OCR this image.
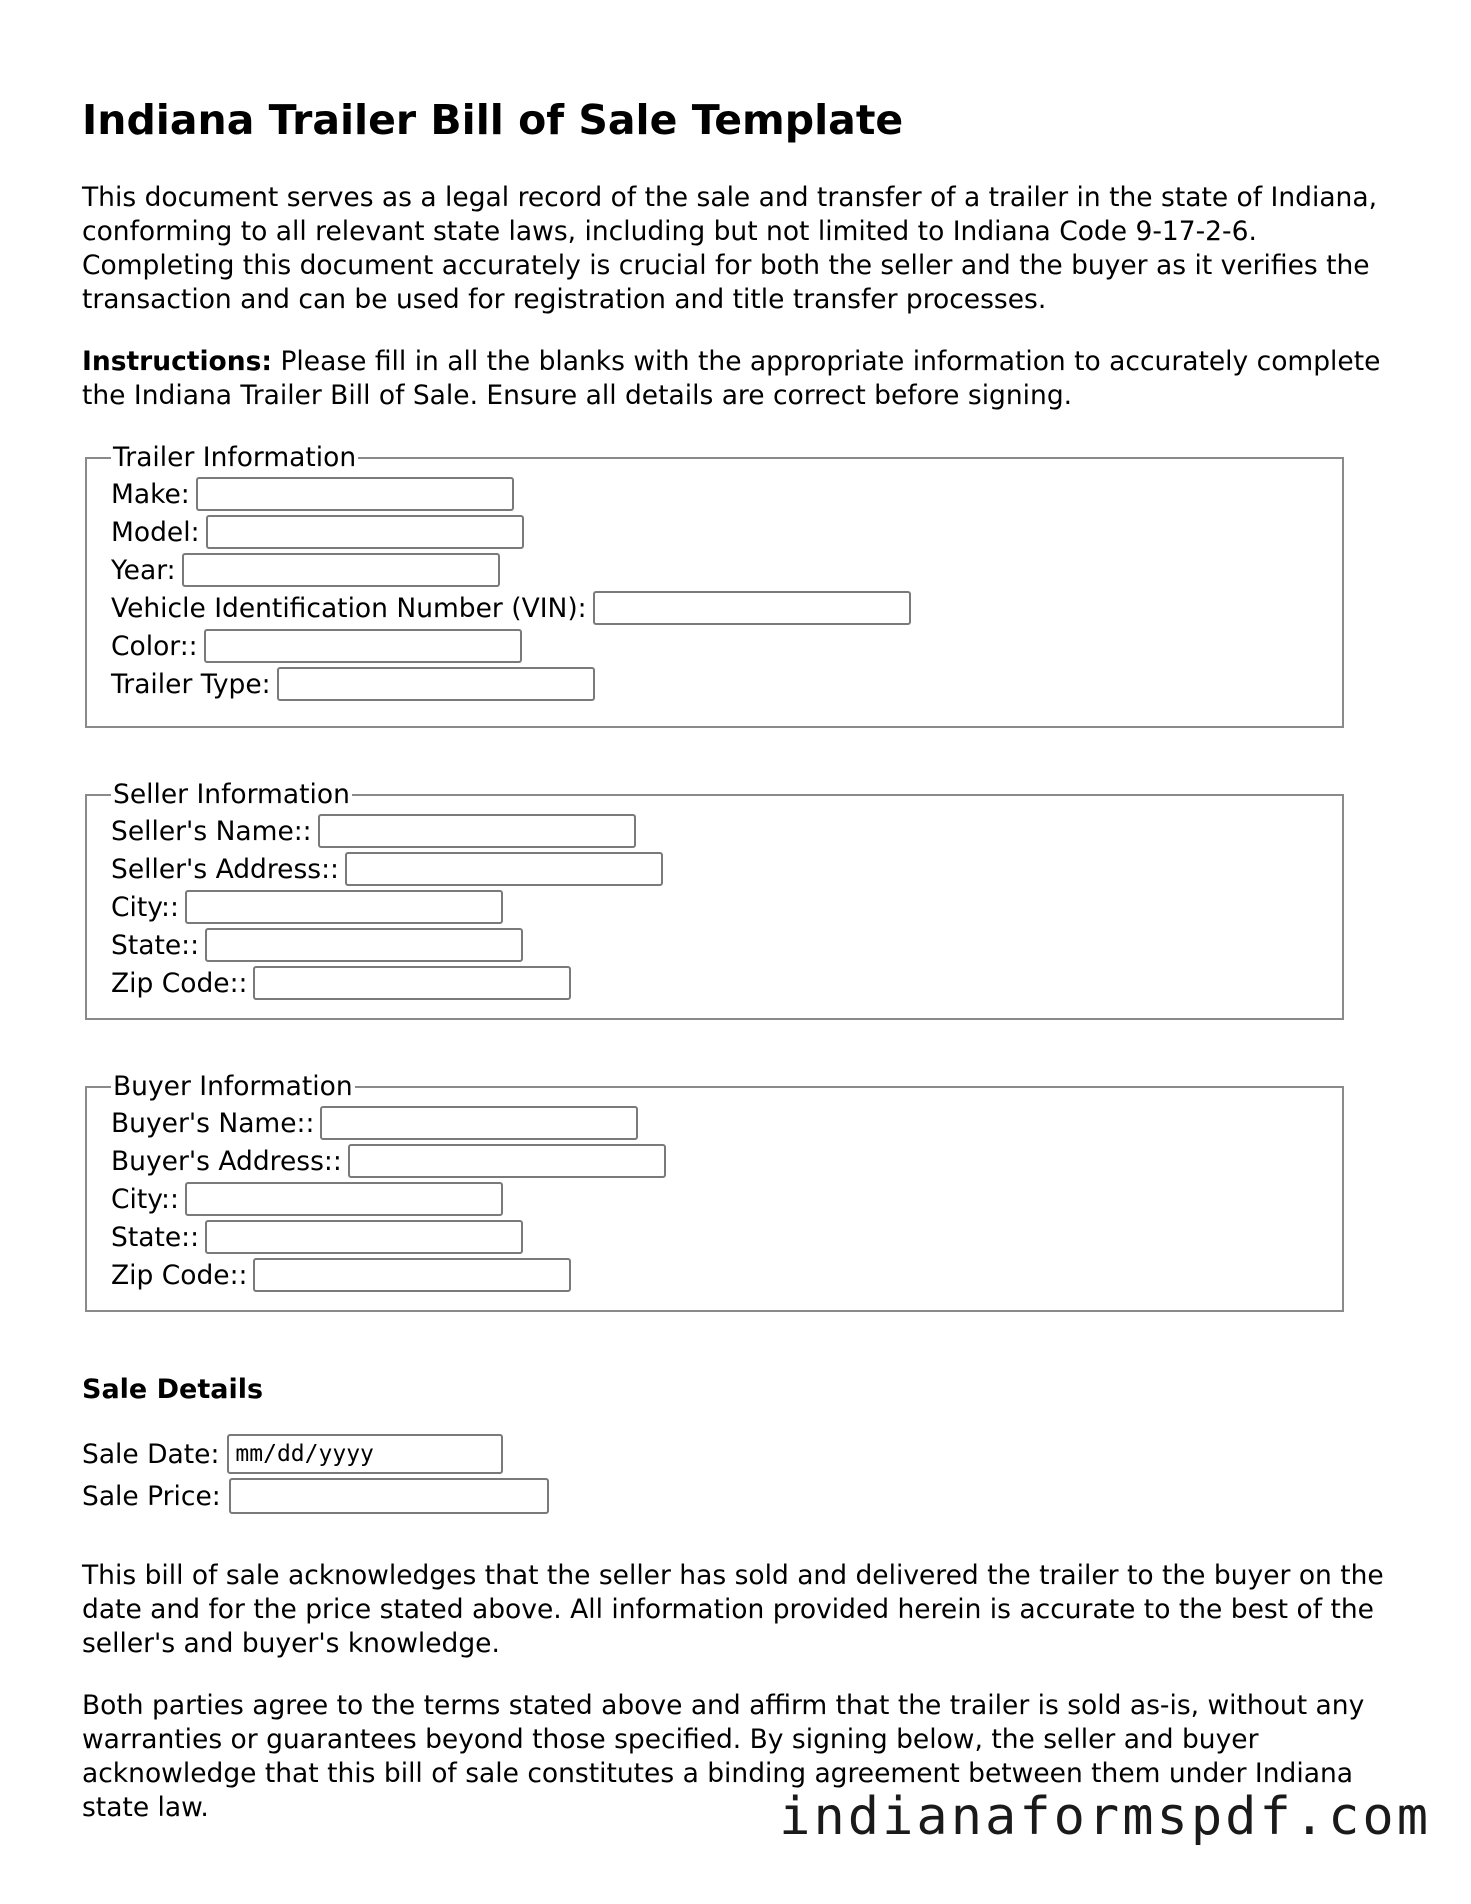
Indiana Trailer Bill of Sale Template

This document serves as a legal record of the sale and transfer of a trailer in the state of Indiana, conforming to all relevant state laws, including but not limited to Indiana Code 9-17-2-6. Completing this document accurately is crucial for both the seller and the buyer as it verifies the transaction and can be used for registration and title transfer processes.

Instructions: Please fill in all the blanks with the appropriate information to accurately complete the Indiana Trailer Bill of Sale. Ensure all details are correct before signing.

Trailer Information
Make:
Model:
Year:
Vehicle Identification Number (VIN):
Color::
Trailer Type:
Seller Information
Seller's Name::
Seller's Address::
City::
State::
Zip Code::
Buyer Information
Buyer's Name::
Buyer's Address::
City::
State::
Zip Code::
Sale Details
Sale Date: mm/dd/yyyy
Sale Price:

This bill of sale acknowledges that the seller has sold and delivered the trailer to the buyer on the date and for the price stated above. All information provided herein is accurate to the best of the seller's and buyer's knowledge.

Both parties agree to the terms stated above and affirm that the trailer is sold as-is, without any warranties or guarantees beyond those specified. By signing below, the seller and buyer acknowledge that this bill of sale constitutes a binding agreement between them under Indiana state law.	indianaformspdf.com
